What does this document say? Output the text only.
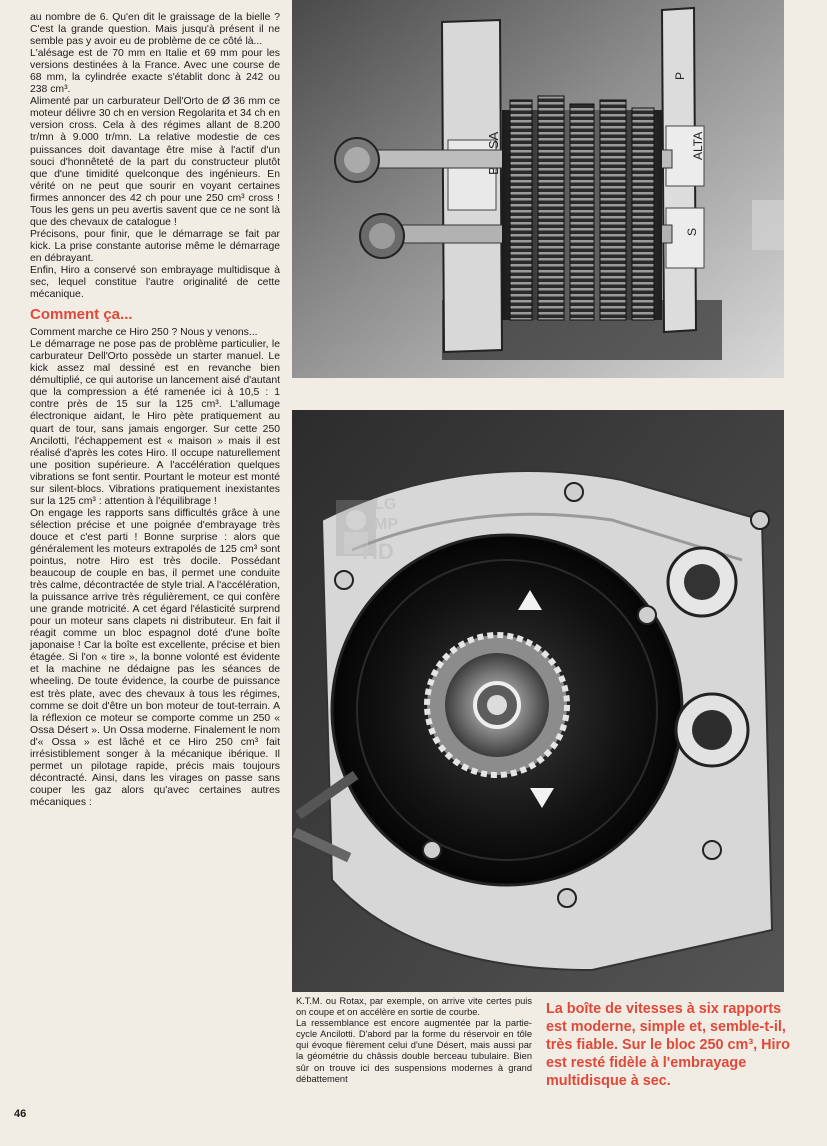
au nombre de 6. Qu'en dit le graissage de la bielle ? C'est la grande question. Mais jusqu'à présent il ne semble pas y avoir eu de problème de ce côté là...

L'alésage est de 70 mm en Italie et 69 mm pour les versions destinées à la France. Avec une course de 68 mm, la cylindrée exacte s'établit donc à 242 ou 238 cm³.

Alimenté par un carburateur Dell'Orto de Ø 36 mm ce moteur délivre 30 ch en version Regolarita et 34 ch en version cross. Cela à des régimes allant de 8.200 tr/mn à 9.000 tr/mn. La relative modestie de ces puissances doit davantage être mise à l'actif d'un souci d'honnêteté de la part du constructeur plutôt que d'une timidité quelconque des ingénieurs. En vérité on ne peut que sourir en voyant certaines firmes annoncer des 42 ch pour une 250 cm³ cross ! Tous les gens un peu avertis savent que ce ne sont là que des chevaux de catalogue !

Précisons, pour finir, que le démarrage se fait par kick. La prise constante autorise même le démarrage en débrayant.

Enfin, Hiro a conservé son embrayage multidisque à sec, lequel constitue l'autre originalité de cette mécanique.

Comment ça...

Comment marche ce Hiro 250 ? Nous y venons...

Le démarrage ne pose pas de problème particulier, le carburateur Dell'Orto possède un starter manuel. Le kick assez mal dessiné est en revanche bien démultiplié, ce qui autorise un lancement aisé d'autant que la compression a été ramenée ici à 10,5 : 1 contre près de 15 sur la 125 cm³. L'allumage électronique aidant, le Hiro pète pratiquement au quart de tour, sans jamais engorger. Sur cette 250 Ancilotti, l'échappement est « maison » mais il est réalisé d'après les cotes Hiro. Il occupe naturellement une position supérieure. A l'accélération quelques vibrations se font sentir. Pourtant le moteur est monté sur silent-blocs. Vibrations pratiquement inexistantes sur la 125 cm³ : attention à l'équilibrage !

On engage les rapports sans difficultés grâce à une sélection précise et une poignée d'embrayage très douce et c'est parti ! Bonne surprise : alors que généralement les moteurs extrapolés de 125 cm³ sont pointus, notre Hiro est très docile. Possédant beaucoup de couple en bas, il permet une conduite très calme, décontractée de style trial. A l'accélération, la puissance arrive très régulièrement, ce qui confère une grande motricité. A cet égard l'élasticité surprend pour un moteur sans clapets ni distributeur. En fait il réagit comme un bloc espagnol doté d'une boîte japonaise ! Car la boîte est excellente, précise et bien étagée. Si l'on « tire », la bonne volonté est évidente et la machine ne dédaigne pas les séances de wheeling. De toute évidence, la courbe de puissance est très plate, avec des chevaux à tous les régimes, comme se doit d'être un bon moteur de tout-terrain. A la réflexion ce moteur se comporte comme un 250 « Ossa Désert ». Un Ossa moderne. Finalement le nom d'« Ossa » est lâché et ce Hiro 250 cm³ fait irrésistiblement songer à la mécanique ibérique. Il permet un pilotage rapide, précis mais toujours décontracté. Ainsi, dans les virages on passe sans couper les gaz alors qu'avec certaines autres mécaniques :

ALTA
P
S
LG
MP
HD

K.T.M. ou Rotax, par exemple, on arrive vite certes puis on coupe et on accélère en sortie de courbe.

La ressemblance est encore augmentée par la partie-cycle Ancilotti. D'abord par la forme du réservoir en tôle qui évoque fièrement celui d'une Désert, mais aussi par la géométrie du châssis double berceau tubulaire. Bien sûr on trouve ici des suspensions modernes à grand débattement

La boîte de vitesses à six rapports est moderne, simple et, semble-t-il, très fiable. Sur le bloc 250 cm³, Hiro est resté fidèle à l'embrayage multidisque à sec.

46
